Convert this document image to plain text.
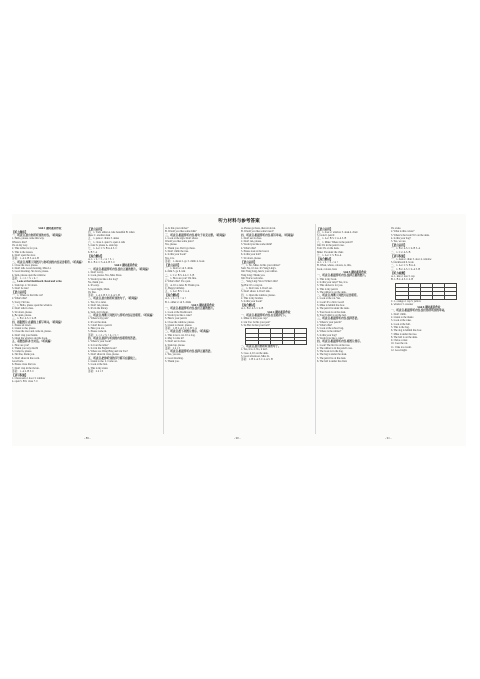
听力材料与参考答案
Unit 1 课时素养作业
【听力题库】
一、听录音,选出你所听到的内容。（听两遍）
1. Hello, please come this way.
Where is that?
It's on my way.
2. This rubber is for you.
3. This is the lesson.
4. Don't open the door.
答案：1. A 2. B 3. A 4. B
二、听录音,判断下列图片与你听到的内容是否相符。（听两遍）
1. Close the door, please.
2. Don't talk. Good morning, Miss Li.
3. Good morning. Sit down, please.
4. Sam, please open the window.
答案：1. √ 2. × 3. √ 4. ×
三、Look at the blackboard. Read and write.
1. Stand up. 2. Sit down.
3. Don't be late!
【语言运用】
一、1. Where is the little cat?
2. What's this?
3. Sorry, I'm late.
二、1. Hello, please open the window.
2. Don't talk in class.
3. Sit down, please.
4. Be quiet, please.
三、1. B 2. A 3. C 4. B
四、根据图片,在横线上填写单词。（听两遍）
1. Please sit down.
2. Listen to me, please.
3. Close the door and come in, please.
4. Don't clap your hands.
5. Open the window and the book.
五、看图选择,补全对话。（听两遍）
1. How are you?
2. Thank you very much!
3. Come in, please.
4. I'm fine, thank you.
5. Don't shout in the room.
Good luck.
6. Please close the box.
7. Don't clap in the movie.
答案：1. A 2. B 3. C
【读写积累】
1. Classroom 2. door 3. window
4. open 5. B 6. close 7. C
【语言运用】
四、1. Tom: either A. kite beautiful B. when
these C. another desk
五、1. pens 2. chairs 3. desks
六、1. close 2. quiet 3. open 4. talk
5. ruler 6. please A. stand up
七、1. A 2. C 3. B 4. A 5. C
6. B 7. A
【综合测试】
A. 1. √ 2. × 3. √ 4. × 5. √
B. 1. B 2. C 3. A 4. B 5. C
Unit 2 课时素养作业
一、听录音,根据所听内容,选出正确的图片。（听两遍）
1. Don't worry.
2. Look, please. Yes, Miss Zhou.
3. Would you like a hot dog?
No, thank you.
4. It's easy.
5. Good night, Mum.
It's fine.
答案：1. A 2. B 3. C 4. A 5. B
二、听录音,选出你所听到的句子。（听两遍）
1. Yes, it's a ruler.
2. Don't run, please.
3. It's in the library.
4. Sam, don't shout.
三、听录音,判断下列图片与所听内容是否相符。（听两遍）
1. Where's my pen?
2. It's on the desk.
3. I don't have a pencil.
4. Here you are.
5. Please come in.
答案：1. √ 2. √ 3. × 4. √ 5. ×
四、听录音,选择与听到的内容相符的答语。
1. Where's your book?
2. Is it on the table?
3. Is it in the English book?
4. Where are Wang Bing and Liu Tao?
5. Don't shout in class, please.
五、听录音,把你听到的序号填写在横线上。
1. Listen to me. 2. Come on.
3. Look at the lion.
4. This is my sister.
答案：2 4 1 3
A. Is this your rubber?
B. Would you like some milk?
三、听录音,根据所听内容,将句子补充完整。（听两遍）
1. Look at the sign. Don't shout.
Would you like some juice?
Yes, please.
2. Thank you. Don't go there.
3. Don't climb the tree.
4. Is this your book?
Yes, it is.
答案：1. shout 2. go 3. climb 4. book
【语言运用】
一、1. Don't 2. sit 3. drink
4. milk 5. go 6. talk
二、1. C 2. B 3. A 4. C 5. B
三、1. How are you? I'm fine.
2. What's this? It's a pen.
四、A. It's a ruler. B. Thank you.
C. Happy birthday.
五、1. A 2. B 3. C 4. A
【综合测试】
A. 1. √ 2. √ 3. × 4. ×
B. 1. either 2. sit 3. drink
Unit 3 课时素养作业
一、听录音,根据所听内容,选出正确的图片。
1. Look at the blackboard.
2. Would you like a cake?
3. Here's your pencil.
4. Close the window, please.
5. Listen to music, please.
答案：1. B 2. A 3. C 4. B 5. A
二、听录音,给下列图片排序。（听两遍）
1. This is not a cat. It's a dog.
2. May I come in?
3. Don't eat in class.
4. Stand up, please.
答案：2 4 1 3
三、听录音,根据所听内容,选择正确答语。
1. Yes, you are.
2. Good morning.
3. Thank you.
A. Please go there, then sit down.
B. Would you like some bread?
四、听录音,根据所听内容,填写单词。（听两遍）
1. Don't eat in class.
2. Don't run, please.
3. Would you like some milk?
4. What's this?
5. Please look at the board.
6. Is this your doll?
7. Sit down, please.
【语言运用】
一、1. No, Mike. Is this your rubber?
Sam: No, it's not. It's Yang Ling's.
Jim: Yang Ling, here's your rubber.
Yang Ling: Thank you.
Jim: You're welcome.
二、Yang Ling: Wow! What's this?
Su Hai: It's a crayon.
三、1. Don't run. 2. Don't eat.
3. Don't shout. 4. Don't talk.
四、1. Open the window, please.
2. This is my brother.
3. Is this your book?
【综合测试】
A. 1. B 2. A 3. C 4. B
Unit 4 课时素养作业
一、听录音,根据所听内容,在表格中打√。
1. Mike: Is this your cap?
2. Liu Tao: Is this your pen?
3. Su Hai: Is that your ball?
二、听录音,选出你所听到的句子。
1. Yes, it is. 2. No, it isn't.
3. I see. 4. It's on the desk.
5. Good afternoon, Miss Li.
答案：1. B 2. A 3. C 4. A 5. B
【语言运用】
四、1. door 2. window 3. desk 4. chair
5. book 6. pencil
五、1. A 2. B 3. C 4. A 5. B
六、1. Mike: Where is the pencil?
Jim: It's in the pencil case.
Tom: It's on the desk.
Mike: It's under the chair.
七、1. A 2. C 3. B 4. A
【综合测试】
A. 1. √ 2. × 3. √ 4. ×
B. When, where, colours, is, this,
book, colours, here
Unit 5 课时素养作业
一、听录音,根据所听内容,选择正确的图片。
1. This is my book.
2. Is this your ruler? Yes, it is.
3. This sticker is for you.
4. This is my pencil.
5. The rubber is on the desk.
二、听录音,判断下列图片是否相符。
1. Look at the cat. Yes.
2. Look! It's a bird. Good!
3. Mike is behind the door.
4. The pencil is under the desk.
5. Your book is on the desk.
6. Your T-shirt is on the bed.
三、听录音,根据所听内容,选择答语。
1. Where's your pencil?
2. What's this?
3. Look at the school bag.
4. Where is the rubber?
5. Is this your bag?
6. Would you like a cake?
四、听录音,根据所听内容,将图片排序。
1. Look! The bird is on the tree.
2. The rubber is in the pencil case.
3. The book is in the bag.
4. The bag is under the desk.
5. The pencil is on the desk.
6. The ball is under the chair.
It's a kite.
2. What is this colour?
3. Where's the book? It's on the desk.
4. Is this your bag?
5. Yes, we are.
【语言运用】
一、1. B 2. A 3. C 4. B 5. A
二、1. C 2. A 3. B
【读写积累】
一、1. desk 2. chair 3. door 4. window
5. blackboard 6. book
二、1. A 2. C 3. B 4. A
三、1. B 2. A 3. C 4. A 5. B
【听力检测】
A. 1. kite 2. tree 3. cap
B. 1. B 2. A 3. C 4. B
C. 1. orange 2. cap 3. yellow
4. window 5. sweater
Unit 6 课时素养作业
一、听录音,根据所听内容,选出你所听到的单词。
1. Don't climb.
2. Listen to the music.
3. Look at the cake.
4. Look at the ball.
5. This is the bag.
6. The dog is behind the door.
7. Mike is under the tree.
8. The ball is on the desk.
9. I have a ruler.
10. I see the cat.
11. I like ice cream.
12. Good night.
- 89 -	- 90 -	- 91 -
